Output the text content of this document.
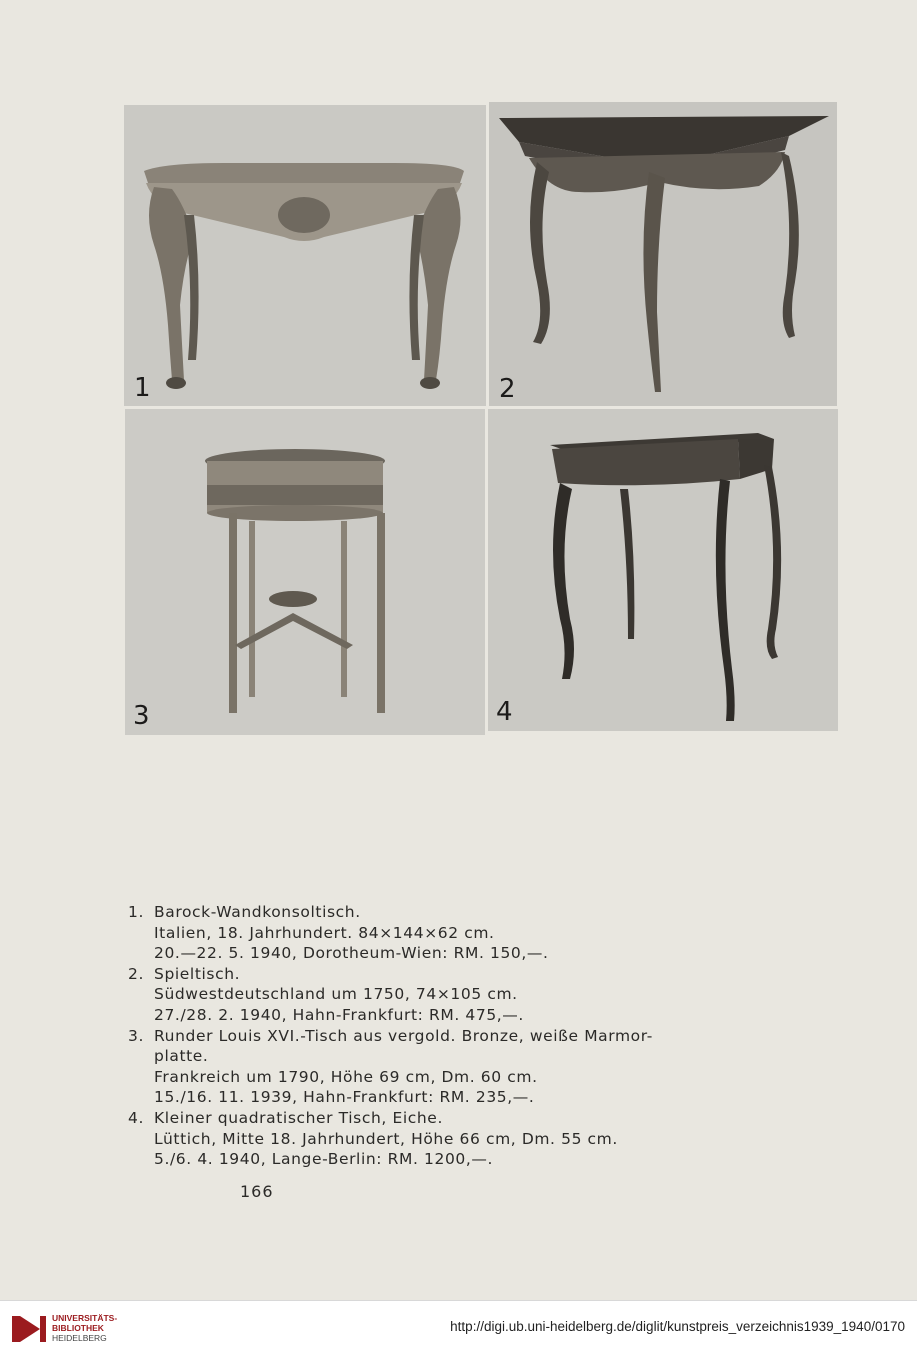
1	2
3	4
1. Barock-Wandkonsoltisch.
Italien, 18. Jahrhundert. 84×144×62 cm.
20.—22. 5. 1940, Dorotheum-Wien: RM. 150,—.
2. Spieltisch.
Südwestdeutschland um 1750, 74×105 cm.
27./28. 2. 1940, Hahn-Frankfurt: RM. 475,—.
3. Runder Louis XVI.-Tisch aus vergold. Bronze, weiße Marmor-
platte.
Frankreich um 1790, Höhe 69 cm, Dm. 60 cm.
15./16. 11. 1939, Hahn-Frankfurt: RM. 235,—.
4. Kleiner quadratischer Tisch, Eiche.
Lüttich, Mitte 18. Jahrhundert, Höhe 66 cm, Dm. 55 cm.
5./6. 4. 1940, Lange-Berlin: RM. 1200,—.
166
UNIVERSITÄTS-
BIBLIOTHEK
HEIDELBERG
http://digi.ub.uni-heidelberg.de/diglit/kunstpreis_verzeichnis1939_1940/0170
